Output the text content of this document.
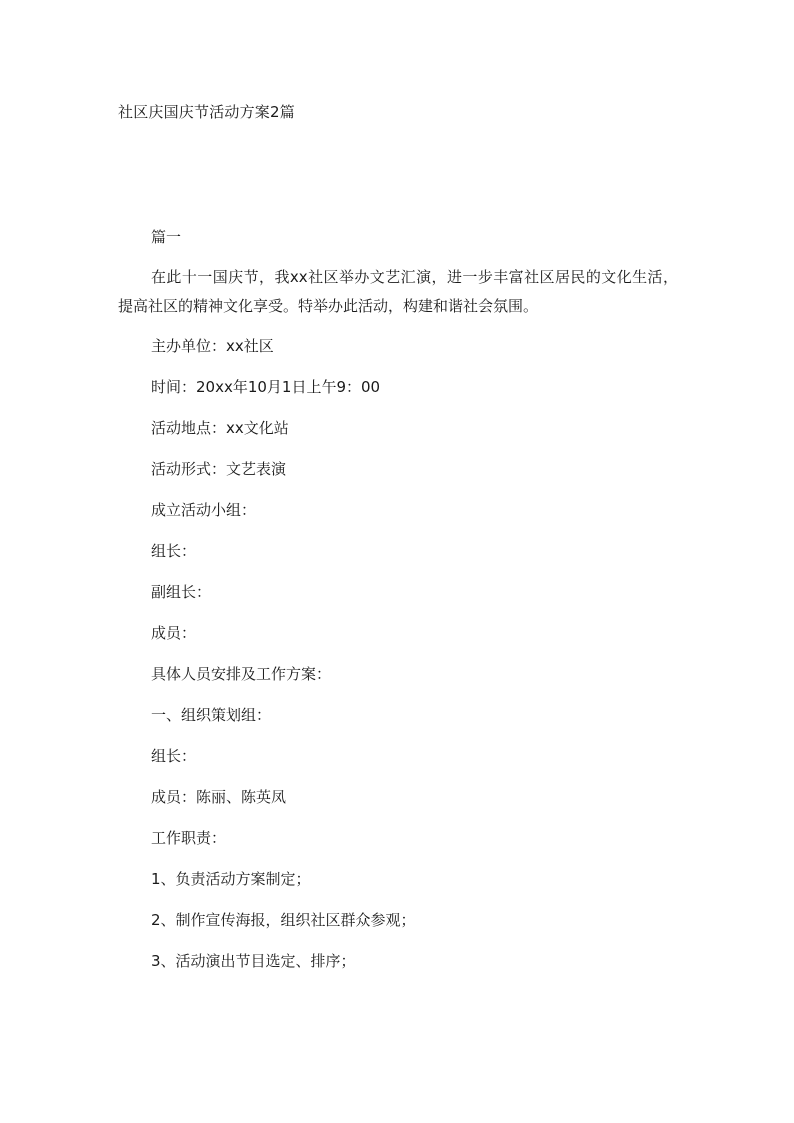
社区庆国庆节活动方案2篇

篇一

在此十一国庆节，我xx社区举办文艺汇演，进一步丰富社区居民的文化生活，提高社区的精神文化享受。特举办此活动，构建和谐社会氛围。

主办单位：xx社区

时间：20xx年10月1日上午9：00

活动地点：xx文化站

活动形式：文艺表演

成立活动小组：

组长：

副组长：

成员：

具体人员安排及工作方案：

一、组织策划组：

组长：

成员：陈丽、陈英凤

工作职责：

1、负责活动方案制定；

2、制作宣传海报，组织社区群众参观；

3、活动演出节目选定、排序；
